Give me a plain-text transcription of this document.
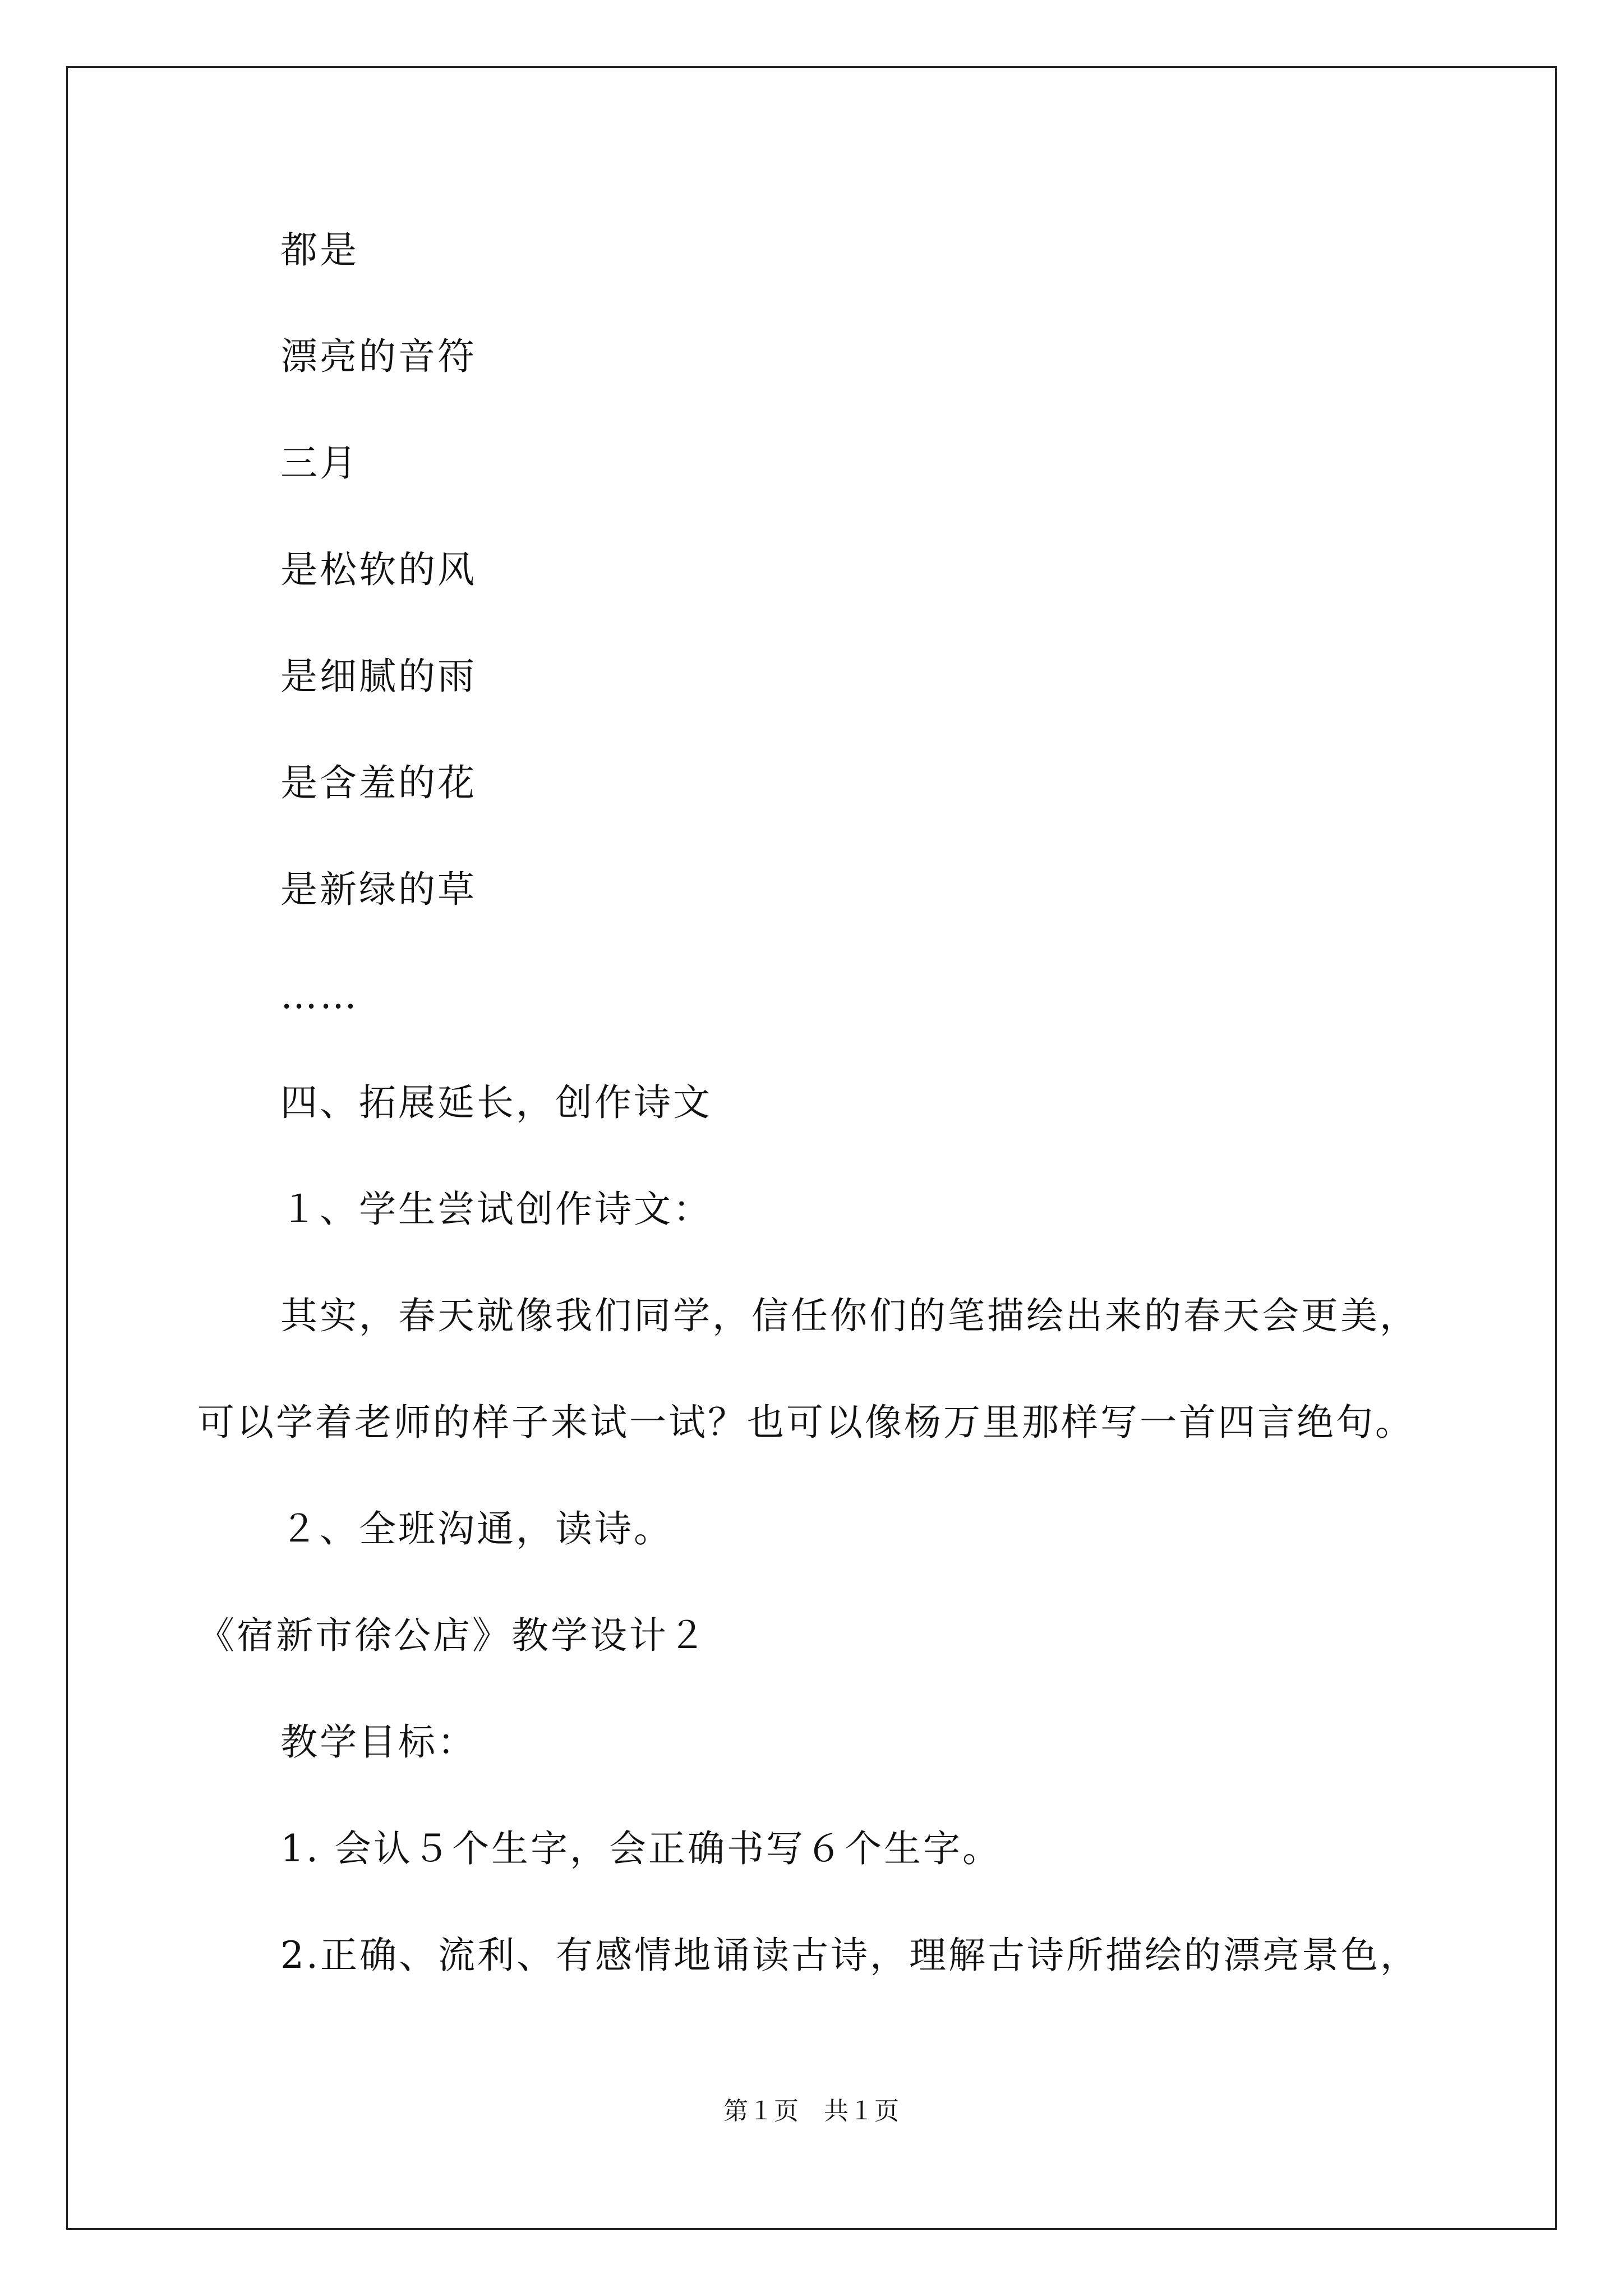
都是
漂亮的音符
三月
是松软的风
是细腻的雨
是含羞的花
是新绿的草
……
四、拓展延长，创作诗文
１、学生尝试创作诗文：
其实，春天就像我们同学，信任你们的笔描绘出来的春天会更美，
可以学着老师的样子来试一试？也可以像杨万里那样写一首四言绝句。
２、全班沟通，读诗。
《宿新市徐公店》教学设计２
教学目标：
1. 会认５个生字，会正确书写６个生字。
2.正确、流利、有感情地诵读古诗，理解古诗所描绘的漂亮景色，
第１页 共１页
